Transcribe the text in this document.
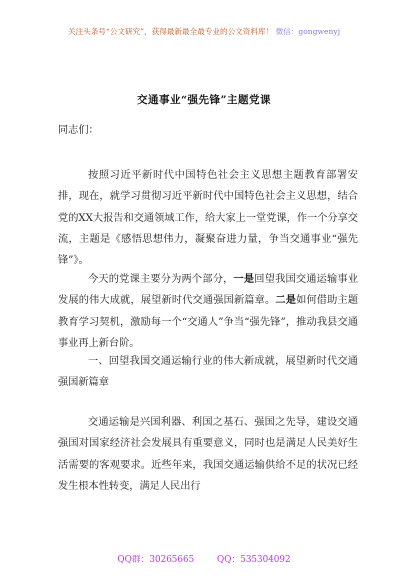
关注头条号“公文研究”，获得最新最全最专业的公文资料库！ 微信：gongwenyj
交通事业“强先锋”主题党课

同志们：

按照习近平新时代中国特色社会主义思想主题教育部署安排，现在，就学习贯彻习近平新时代中国特色社会主义思想，结合党的XX大报告和交通领域工作，给大家上一堂党课，作一个分享交流，主题是《感悟思想伟力，凝聚奋进力量，争当交通事业“强先锋”》。

今天的党课主要分为两个部分，一是回望我国交通运输事业发展的伟大成就，展望新时代交通强国新篇章。二是如何借助主题教育学习契机，激励每一个“交通人”争当“强先锋”，推动我县交通事业再上新台阶。

一、回望我国交通运输行业的伟大新成就，展望新时代交通强国新篇章

交通运输是兴国利器、利国之基石、强国之先导，建设交通强国对国家经济社会发展具有重要意义，同时也是满足人民美好生活需要的客观要求。近些年来，我国交通运输供给不足的状况已经发生根本性转变，满足人民出行

QQ群：30265665	QQ：535304092
